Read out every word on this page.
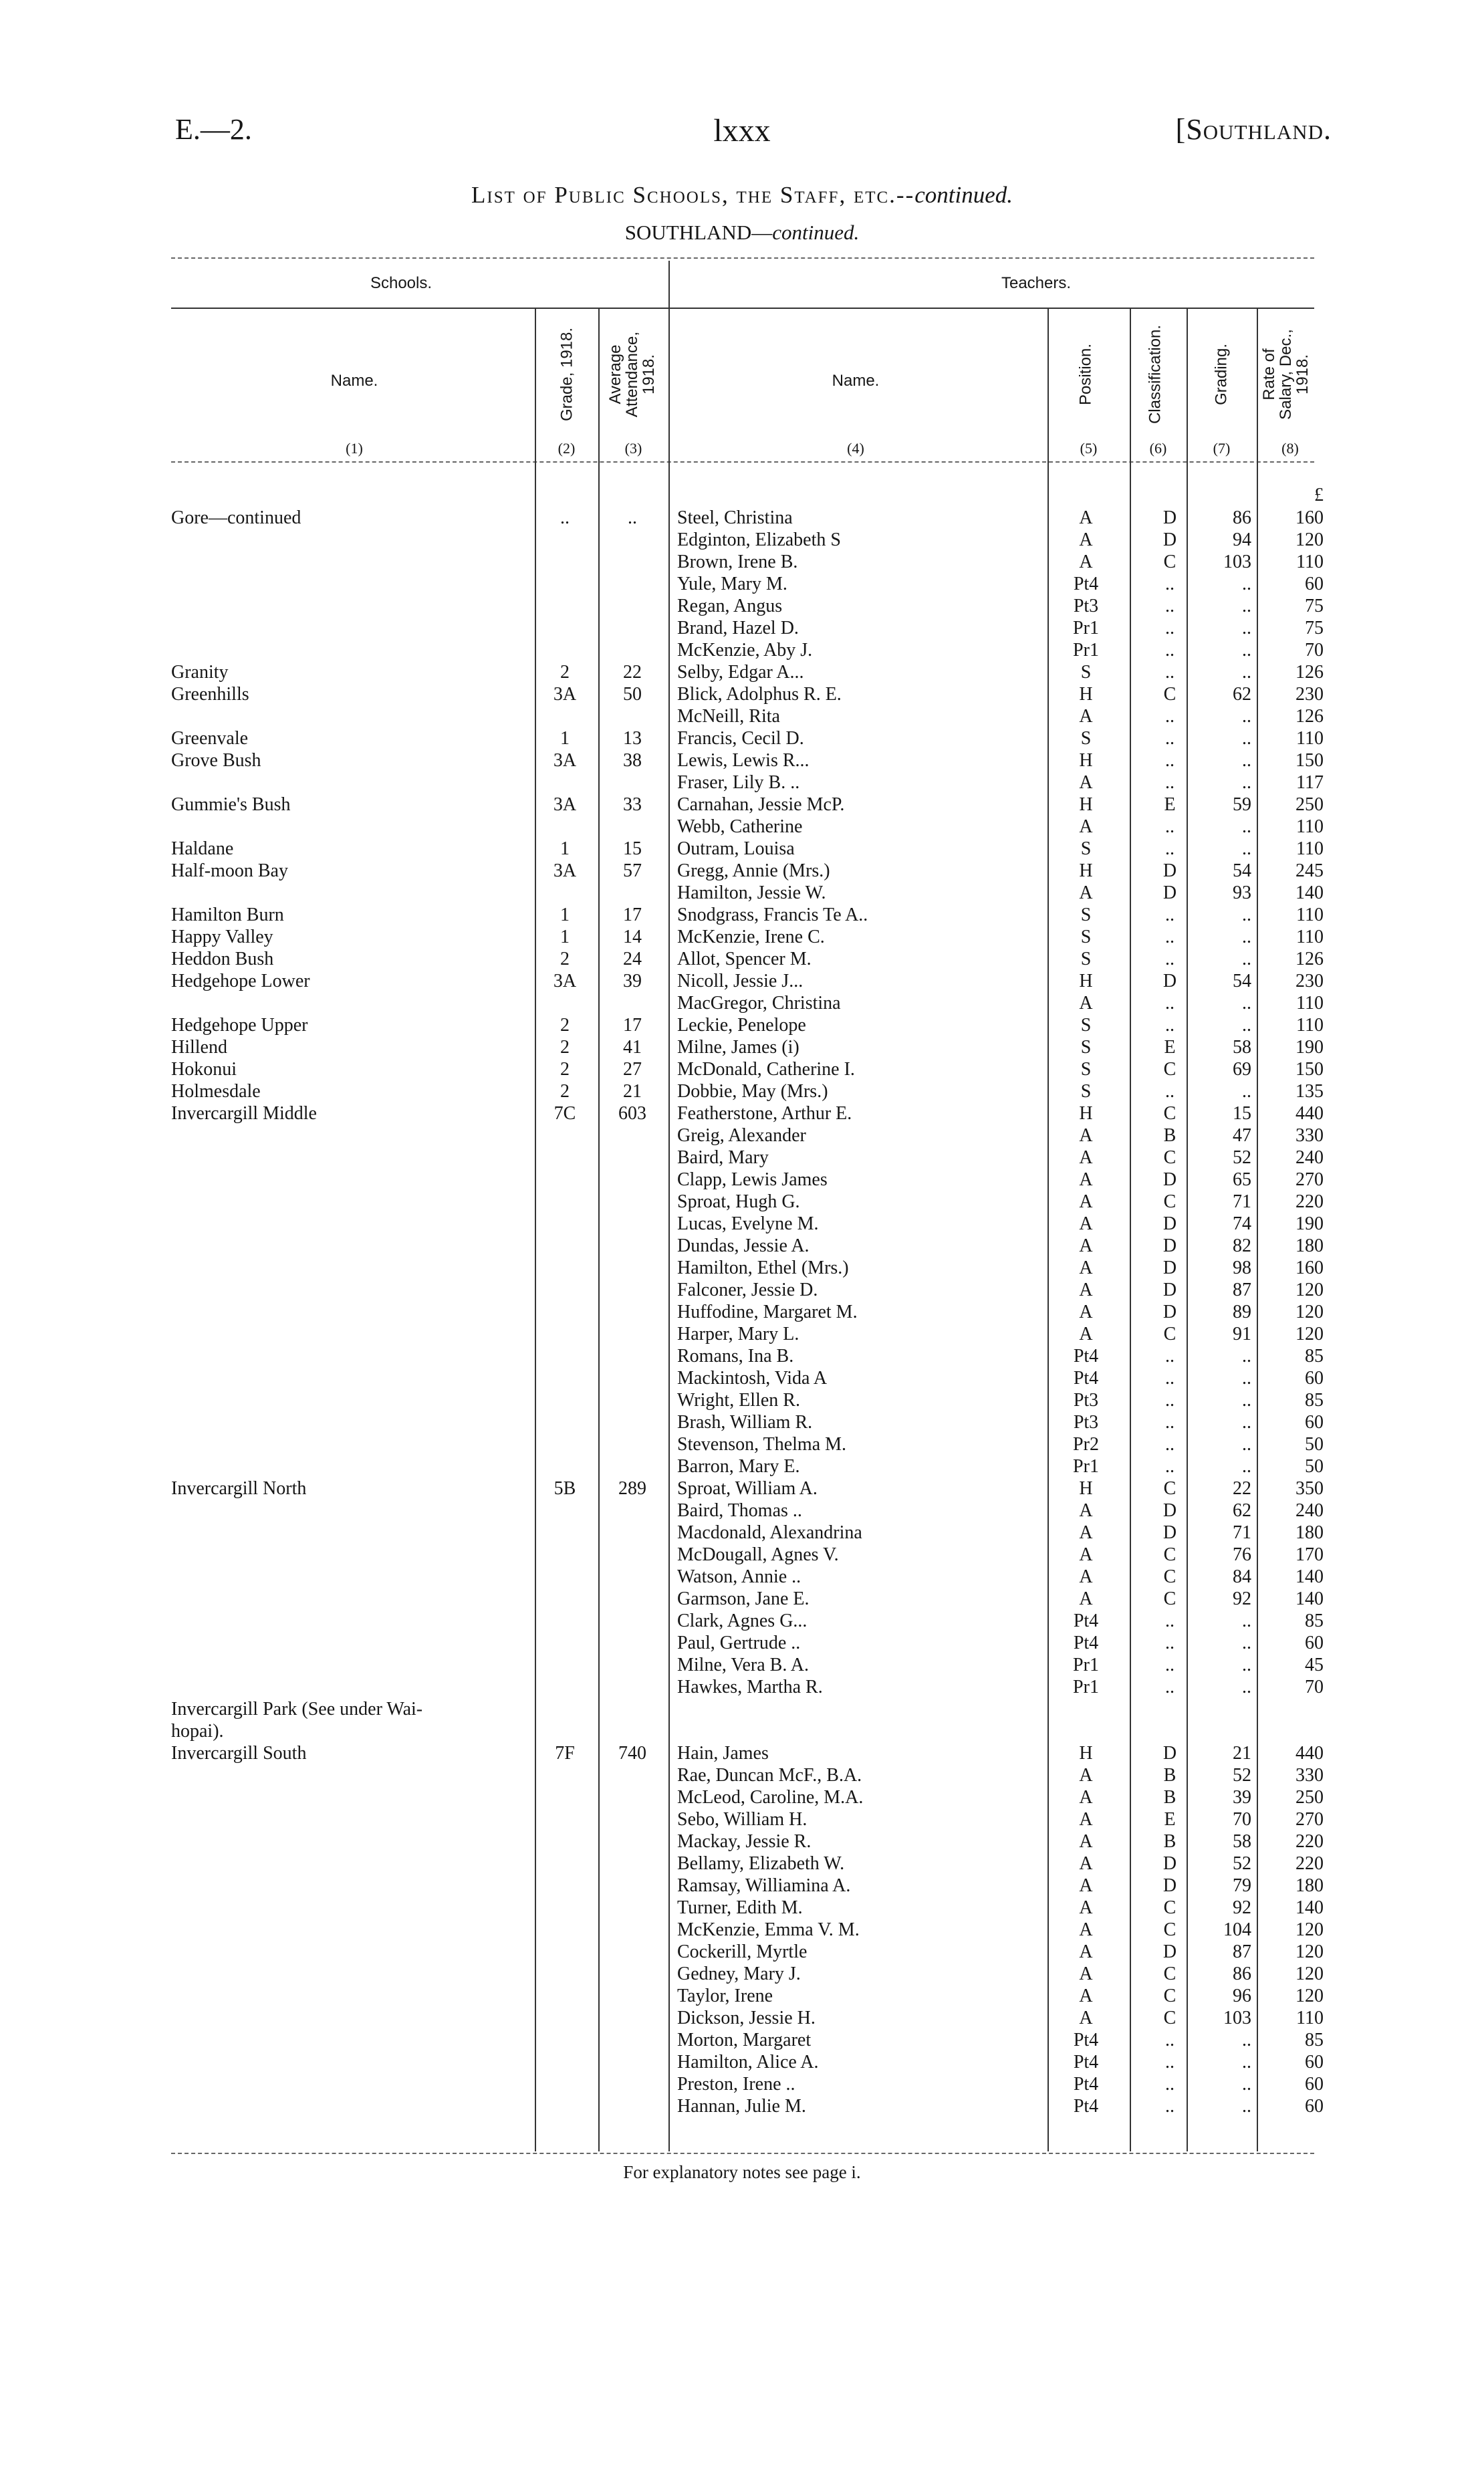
E.—2.	lxxx	[Southland.
List of Public Schools, the Staff, etc.--continued.
SOUTHLAND—continued.
Schools.	Teachers.
Name.	Grade, 1918. Average Attendance, 1918.	Name.	Position.	Classification.	Grading. Rate of Salary, Dec., 1918.
(1)	(2)	(3)	(4)	(5)	(6)	(7)	(8)
£
Gore—continued	..	..	Steel, Christina	A	D	86	160
Edginton, Elizabeth S	A	D	94	120
Brown, Irene B.	A	C	103	110
Yule, Mary M.	Pt4	..	..	60
Regan, Angus	Pt3	..	..	75
Brand, Hazel D.	Pr1	..	..	75
McKenzie, Aby J.	Pr1	..	..	70
Granity	2	22	Selby, Edgar A...	S	..	..	126
Greenhills	3A	50	Blick, Adolphus R. E.	H	C	62	230
McNeill, Rita	A	..	..	126
Greenvale	1	13	Francis, Cecil D.	S	..	..	110
Grove Bush	3A	38	Lewis, Lewis R...	H	..	..	150
Fraser, Lily B. ..	A	..	..	117
Gummie's Bush	3A	33	Carnahan, Jessie McP.	H	E	59	250
Webb, Catherine	A	..	..	110
Haldane	1	15	Outram, Louisa	S	..	..	110
Half-moon Bay	3A	57	Gregg, Annie (Mrs.)	H	D	54	245
Hamilton, Jessie W.	A	D	93	140
Hamilton Burn	1	17	Snodgrass, Francis Te A..	S	..	..	110
Happy Valley	1	14	McKenzie, Irene C.	S	..	..	110
Heddon Bush	2	24	Allot, Spencer M.	S	..	..	126
Hedgehope Lower	3A	39	Nicoll, Jessie J...	H	D	54	230
MacGregor, Christina	A	..	..	110
Hedgehope Upper	2	17	Leckie, Penelope	S	..	..	110
Hillend	2	41	Milne, James (i)	S	E	58	190
Hokonui	2	27	McDonald, Catherine I.	S	C	69	150
Holmesdale	2	21	Dobbie, May (Mrs.)	S	..	..	135
Invercargill Middle	7C	603	Featherstone, Arthur E.	H	C	15	440
Greig, Alexander	A	B	47	330
Baird, Mary	A	C	52	240
Clapp, Lewis James	A	D	65	270
Sproat, Hugh G.	A	C	71	220
Lucas, Evelyne M.	A	D	74	190
Dundas, Jessie A.	A	D	82	180
Hamilton, Ethel (Mrs.)	A	D	98	160
Falconer, Jessie D.	A	D	87	120
Huffodine, Margaret M.	A	D	89	120
Harper, Mary L.	A	C	91	120
Romans, Ina B.	Pt4	..	..	85
Mackintosh, Vida A	Pt4	..	..	60
Wright, Ellen R.	Pt3	..	..	85
Brash, William R.	Pt3	..	..	60
Stevenson, Thelma M.	Pr2	..	..	50
Barron, Mary E.	Pr1	..	..	50
Invercargill North	5B	289	Sproat, William A.	H	C	22	350
Baird, Thomas ..	A	D	62	240
Macdonald, Alexandrina	A	D	71	180
McDougall, Agnes V.	A	C	76	170
Watson, Annie ..	A	C	84	140
Garmson, Jane E.	A	C	92	140
Clark, Agnes G...	Pt4	..	..	85
Paul, Gertrude ..	Pt4	..	..	60
Milne, Vera B. A.	Pr1	..	..	45
Hawkes, Martha R.	Pr1	..	..	70
Invercargill Park (See under Wai-
hopai).
Invercargill South	7F	740	Hain, James	H	D	21	440
Rae, Duncan McF., B.A.	A	B	52	330
McLeod, Caroline, M.A.	A	B	39	250
Sebo, William H.	A	E	70	270
Mackay, Jessie R.	A	B	58	220
Bellamy, Elizabeth W.	A	D	52	220
Ramsay, Williamina A.	A	D	79	180
Turner, Edith M.	A	C	92	140
McKenzie, Emma V. M.	A	C	104	120
Cockerill, Myrtle	A	D	87	120
Gedney, Mary J.	A	C	86	120
Taylor, Irene	A	C	96	120
Dickson, Jessie H.	A	C	103	110
Morton, Margaret	Pt4	..	..	85
Hamilton, Alice A.	Pt4	..	..	60
Preston, Irene ..	Pt4	..	..	60
Hannan, Julie M.	Pt4	..	..	60
For explanatory notes see page i.
